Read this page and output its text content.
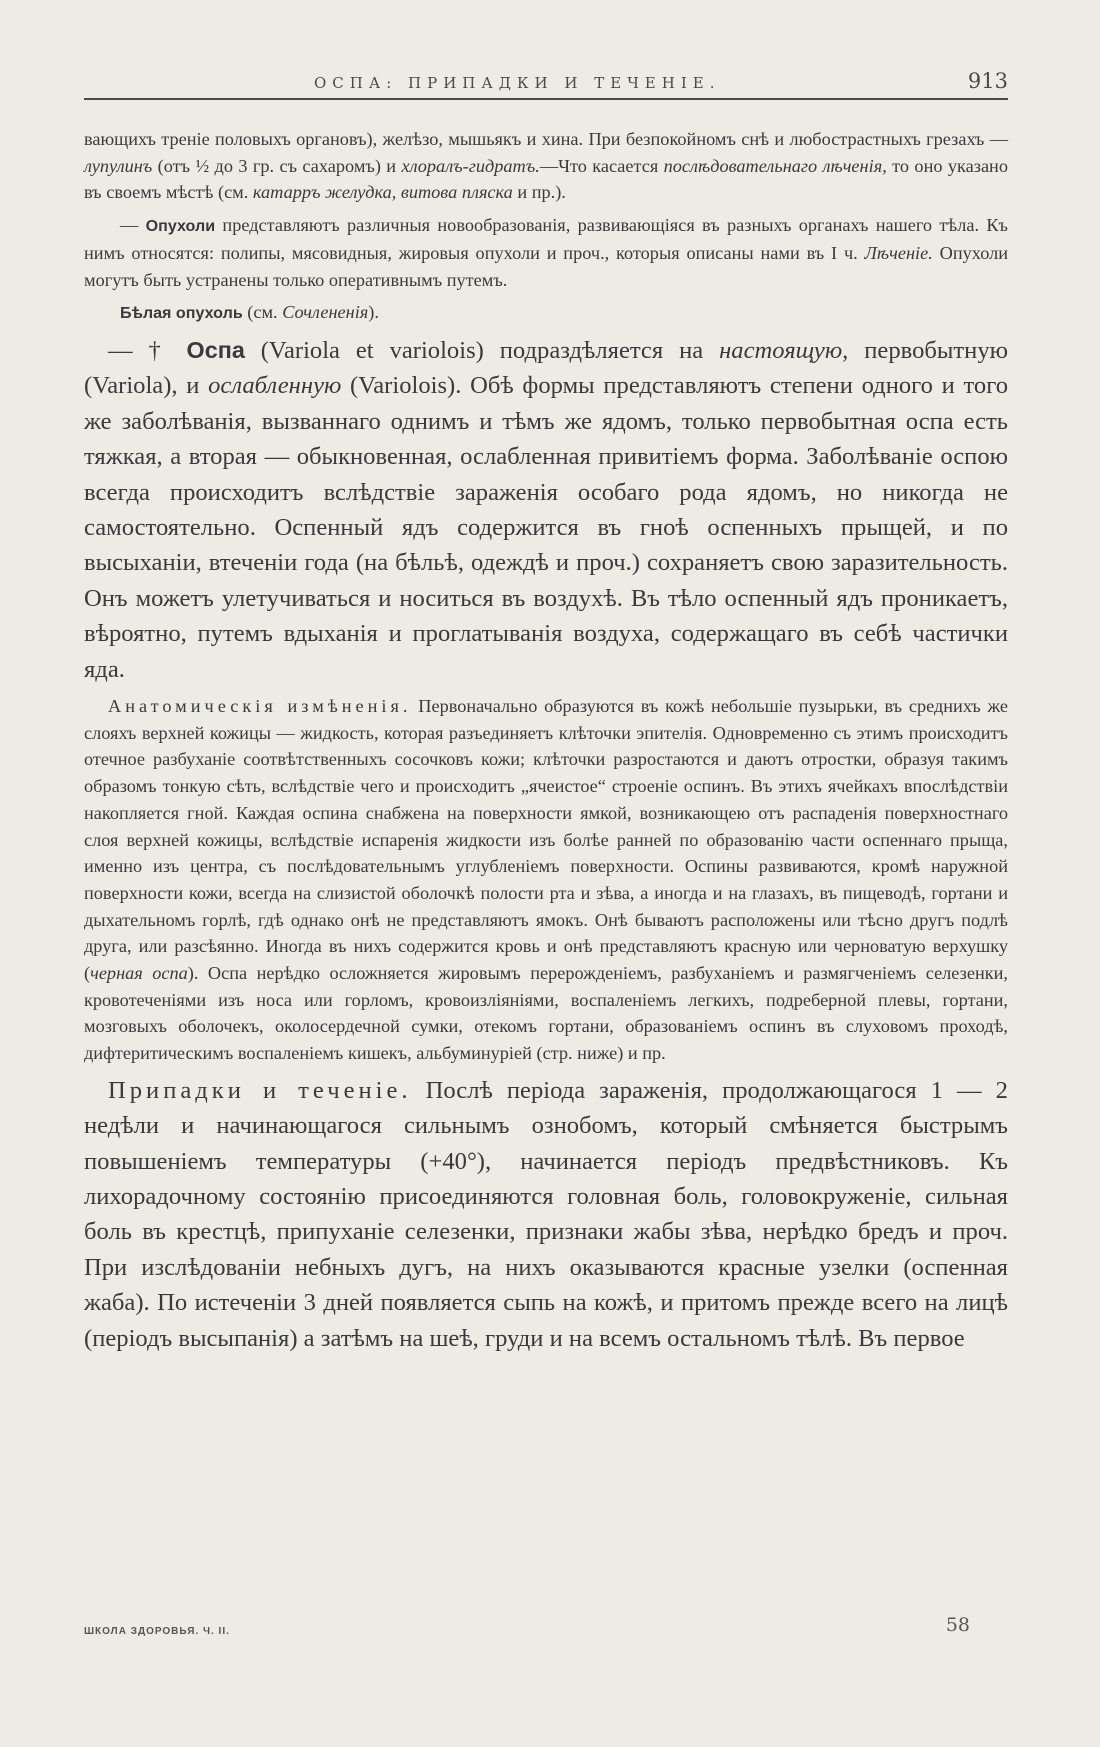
ОСПА: ПРИПАДКИ И ТЕЧЕНІЕ.	913

вающихъ треніе половыхъ органовъ), желѣзо, мышьякъ и хина. При безпокойномъ снѣ и любострастныхъ грезахъ — лупулинъ (отъ ½ до 3 гр. съ сахаромъ) и хлоралъ-гидратъ.—Что касается послѣдовательнаго лѣченія, то оно указано въ своемъ мѣстѣ (см. катарръ желудка, витова пляска и пр.).

— Опухоли представляютъ различныя новообразованія, развивающіяся въ разныхъ органахъ нашего тѣла. Къ нимъ относятся: полипы, мясовидныя, жировыя опухоли и проч., которыя описаны нами въ I ч. Лѣченіе. Опухоли могутъ быть устранены только оперативнымъ путемъ.

Бѣлая опухоль (см. Сочлененія).

— † Оспа (Variola et varioloіs) подраздѣляется на настоящую, первобытную (Variola), и ослабленную (Variolois). Обѣ формы представляютъ степени одного и того же заболѣванія, вызваннаго однимъ и тѣмъ же ядомъ, только первобытная оспа есть тяжкая, а вторая — обыкновенная, ослабленная привитіемъ форма. Заболѣваніе оспою всегда происходитъ вслѣдствіе зараженія особаго рода ядомъ, но никогда не самостоятельно. Оспенный ядъ содержится въ гноѣ оспенныхъ прыщей, и по высыханіи, втеченіи года (на бѣльѣ, одеждѣ и проч.) сохраняетъ свою заразительность. Онъ можетъ улетучиваться и носиться въ воздухѣ. Въ тѣло оспенный ядъ проникаетъ, вѣроятно, путемъ вдыханія и проглатыванія воздуха, содержащаго въ себѣ частички яда.

Анатомическія измѣненія. Первоначально образуются въ кожѣ небольшіе пузырьки, въ среднихъ же слояхъ верхней кожицы — жидкость, которая разъединяетъ клѣточки эпителія. Одновременно съ этимъ происходитъ отечное разбуханіе соотвѣтственныхъ сосочковъ кожи; клѣточки разростаются и даютъ отростки, образуя такимъ образомъ тонкую сѣть, вслѣдствіе чего и происходитъ „ячеистое“ строеніе оспинъ. Въ этихъ ячейкахъ впослѣдствіи накопляется гной. Каждая оспина снабжена на поверхности ямкой, возникающею отъ распаденія поверхностнаго слоя верхней кожицы, вслѣдствіе испаренія жидкости изъ болѣе ранней по образованію части оспеннаго прыща, именно изъ центра, съ послѣдовательнымъ углубленіемъ поверхности. Оспины развиваются, кромѣ наружной поверхности кожи, всегда на слизистой оболочкѣ полости рта и зѣва, а иногда и на глазахъ, въ пищеводѣ, гортани и дыхательномъ горлѣ, гдѣ однако онѣ не представляютъ ямокъ. Онѣ бываютъ расположены или тѣсно другъ подлѣ друга, или разсѣянно. Иногда въ нихъ содержится кровь и онѣ представляютъ красную или черноватую верхушку (черная оспа). Оспа нерѣдко осложняется жировымъ перерожденіемъ, разбуханіемъ и размягченіемъ селезенки, кровотеченіями изъ носа или горломъ, кровоизліяніями, воспаленіемъ легкихъ, подреберной плевы, гортани, мозговыхъ оболочекъ, околосердечной сумки, отекомъ гортани, образованіемъ оспинъ въ слуховомъ проходѣ, дифтеритическимъ воспаленіемъ кишекъ, альбуминуріей (стр. ниже) и пр.

Припадки и теченіе. Послѣ періода зараженія, продолжающагося 1 — 2 недѣли и начинающагося сильнымъ ознобомъ, который смѣняется быстрымъ повышеніемъ температуры (+40°), начинается періодъ предвѣстниковъ. Къ лихорадочному состоянію присоединяются головная боль, головокруженіе, сильная боль въ крестцѣ, припуханіе селезенки, признаки жабы зѣва, нерѣдко бредъ и проч. При изслѣдованіи небныхъ дугъ, на нихъ оказываются красные узелки (оспенная жаба). По истеченіи 3 дней появляется сыпь на кожѣ, и притомъ прежде всего на лицѣ (періодъ высыпанія) а затѣмъ на шеѣ, груди и на всемъ остальномъ тѣлѣ. Въ первое

ШКОЛА ЗДОРОВЬЯ. Ч. II.	58
